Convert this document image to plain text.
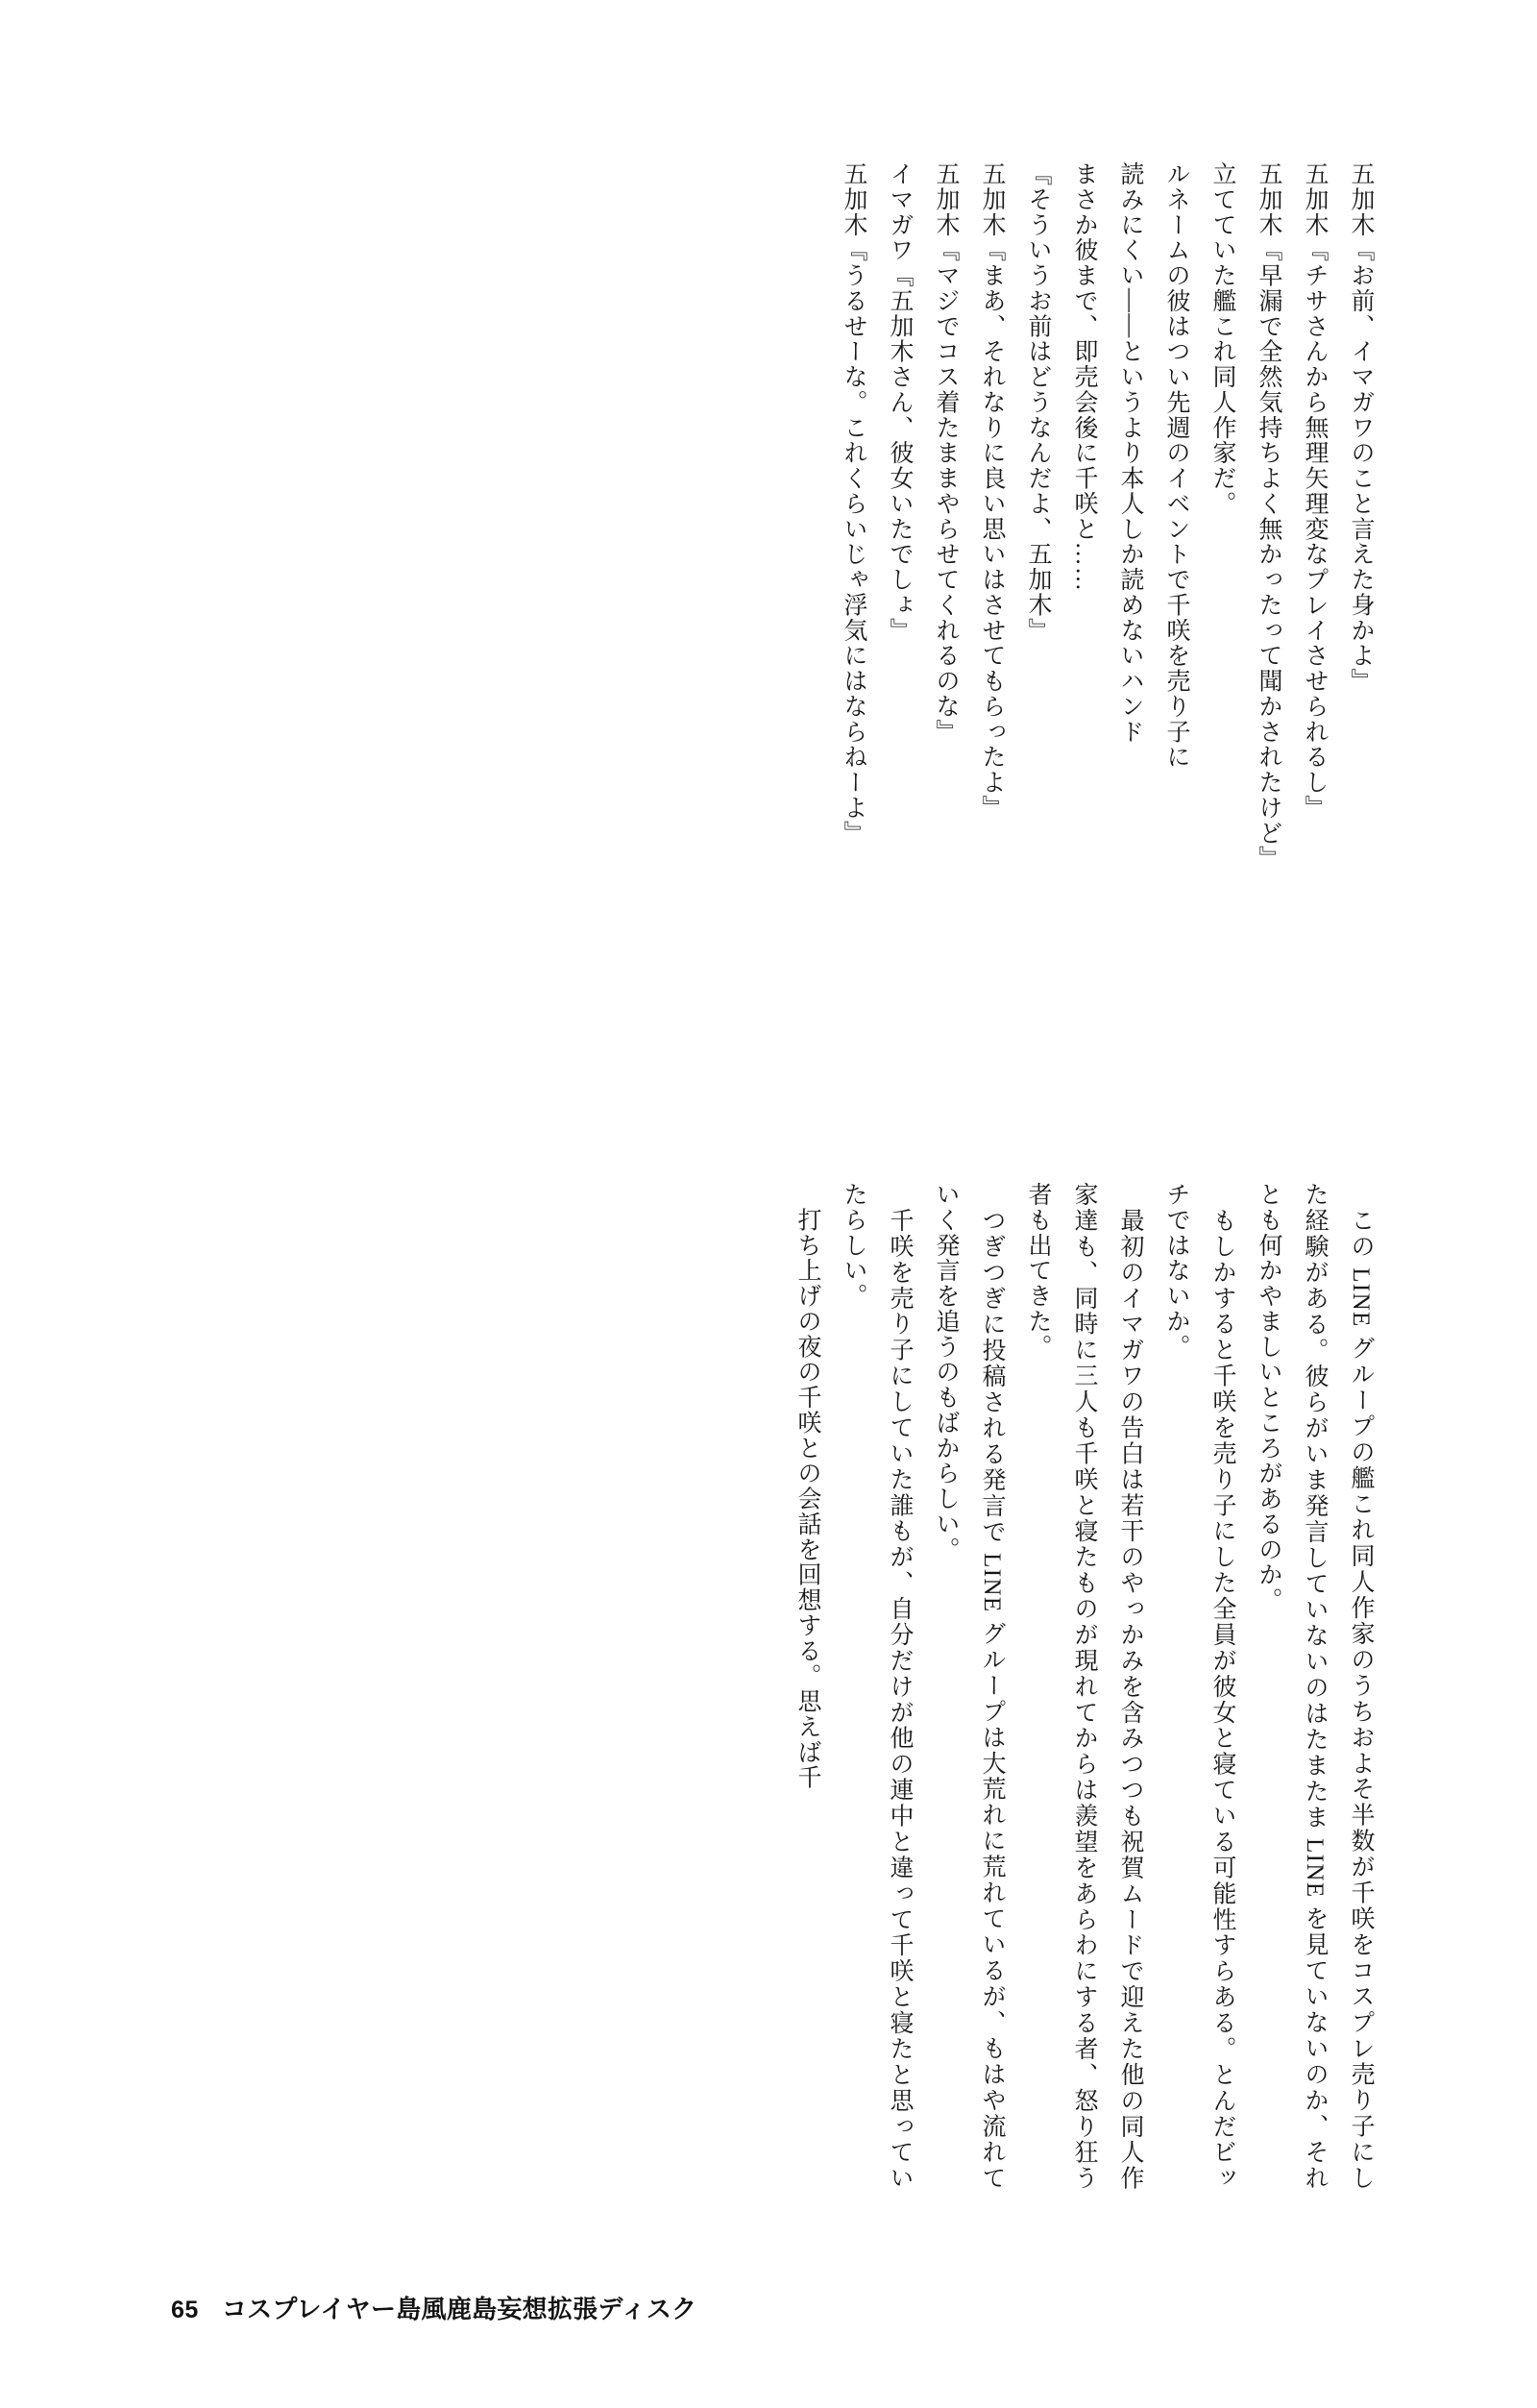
五加木『お前、イマガワのこと言えた身かよ』

五加木『チサさんから無理矢理変なプレイさせられるし』

五加木『早漏で全然気持ちよく無かったって聞かされたけど』

立てていた艦これ同人作家だ。

ルネームの彼はつい先週のイベントで千咲を売り子に

読みにくい――というより本人しか読めないハンド

まさか彼まで、即売会後に千咲と……

『そういうお前はどうなんだよ、五加木』

五加木『まあ、それなりに良い思いはさせてもらったよ』

五加木『マジでコス着たままやらせてくれるのな』

イマガワ『五加木さん、彼女いたでしょ』

五加木『うるせーな。これくらいじゃ浮気にはならねーよ』

　この LINE グループの艦これ同人作家のうちおよそ半数が千咲をコスプレ売り子にした経験がある。彼らがいま発言していないのはたまたま LINE を見ていないのか、それとも何かやましいところがあるのか。

　もしかすると千咲を売り子にした全員が彼女と寝ている可能性すらある。とんだビッチではないか。

　最初のイマガワの告白は若干のやっかみを含みつつも祝賀ムードで迎えた他の同人作家達も、同時に三人も千咲と寝たものが現れてからは羨望をあらわにする者、怒り狂う者も出てきた。

　つぎつぎに投稿される発言で LINE グループは大荒れに荒れているが、もはや流れていく発言を追うのもばからしい。

　千咲を売り子にしていた誰もが、自分だけが他の連中と違って千咲と寝たと思っていたらしい。

　打ち上げの夜の千咲との会話を回想する。思えば千

65 コスプレイヤー島風鹿島妄想拡張ディスク
